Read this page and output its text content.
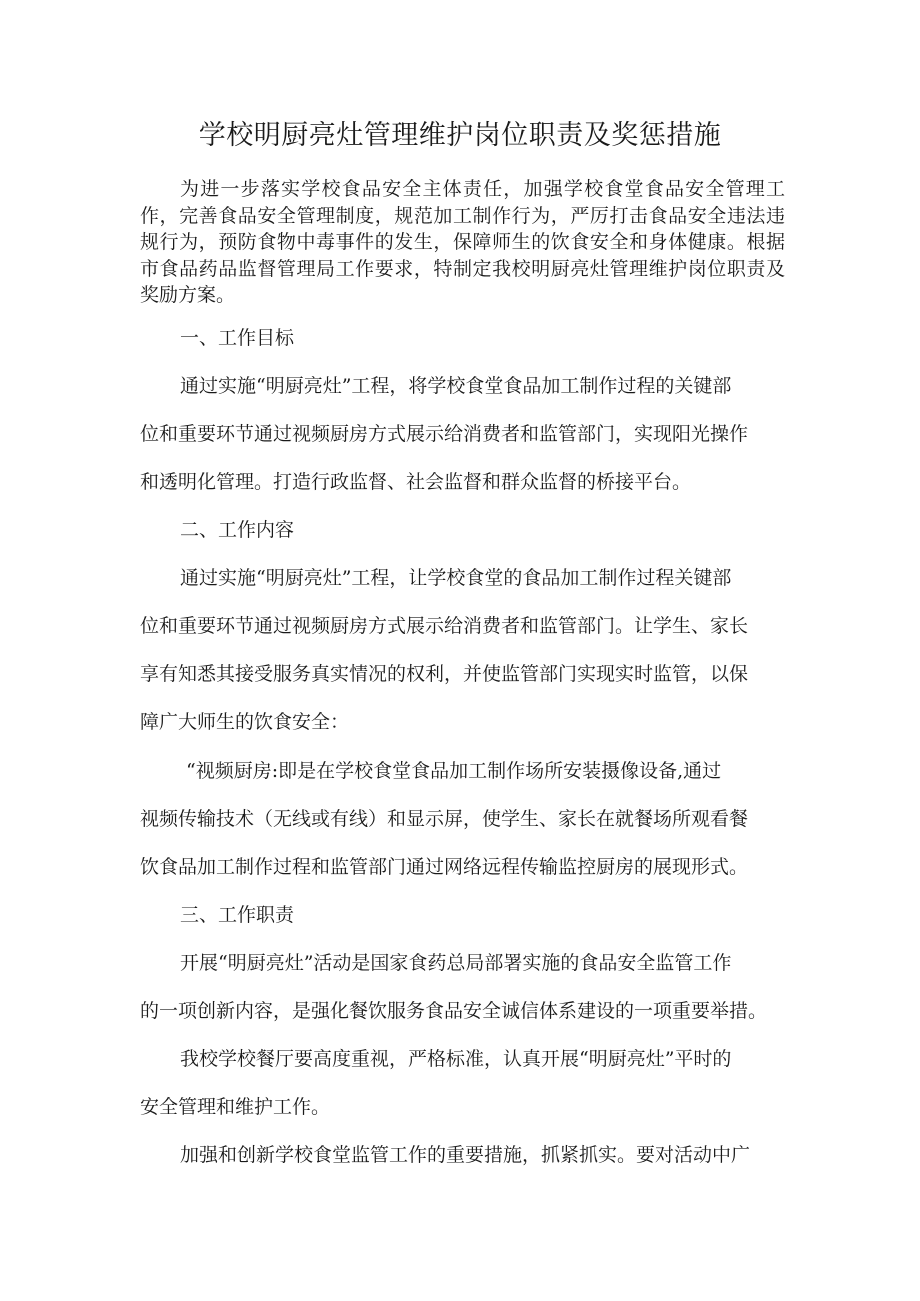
学校明厨亮灶管理维护岗位职责及奖惩措施

为进一步落实学校食品安全主体责任，加强学校食堂食品安全管理工作，完善食品安全管理制度，规范加工制作行为，严厉打击食品安全违法违规行为，预防食物中毒事件的发生，保障师生的饮食安全和身体健康。根据市食品药品监督管理局工作要求，特制定我校明厨亮灶管理维护岗位职责及奖励方案。

一、工作目标
通过实施“明厨亮灶”工程，将学校食堂食品加工制作过程的关键部
位和重要环节通过视频厨房方式展示给消费者和监管部门，实现阳光操作
和透明化管理。打造行政监督、社会监督和群众监督的桥接平台。
二、工作内容
通过实施“明厨亮灶”工程，让学校食堂的食品加工制作过程关键部
位和重要环节通过视频厨房方式展示给消费者和监管部门。让学生、家长
享有知悉其接受服务真实情况的权利，并使监管部门实现实时监管，以保
障广大师生的饮食安全：
“视频厨房:即是在学校食堂食品加工制作场所安装摄像设备,通过
视频传输技术（无线或有线）和显示屏，使学生、家长在就餐场所观看餐
饮食品加工制作过程和监管部门通过网络远程传输监控厨房的展现形式。
三、工作职责
开展“明厨亮灶”活动是国家食药总局部署实施的食品安全监管工作
的一项创新内容，是强化餐饮服务食品安全诚信体系建设的一项重要举措。
我校学校餐厅要高度重视，严格标准，认真开展“明厨亮灶”平时的
安全管理和维护工作。
加强和创新学校食堂监管工作的重要措施，抓紧抓实。要对活动中广
